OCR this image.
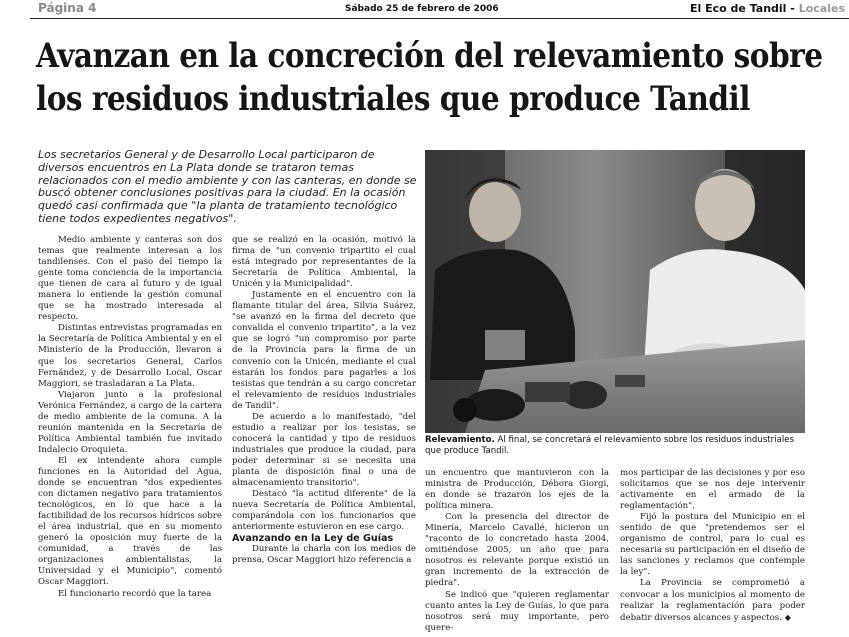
Página 4	Sábado 25 de febrero de 2006	El Eco de Tandil - Locales
Avanzan en la concreción del relevamiento sobre los residuos industriales que produce Tandil
Los secretarios General y de Desarrollo Local participaron de diversos encuentros en La Plata donde se trataron temas relacionados con el medio ambiente y con las canteras, en donde se buscó obtener conclusiones positivas para la ciudad. En la ocasión quedó casi confirmada que "la planta de tratamiento tecnológico tiene todos expedientes negativos".
Relevamiento. Al final, se concretará el relevamiento sobre los residuos industriales que produce Tandil.

Medio ambiente y canteras son dos temas que realmente interesan a los tandilenses. Con el paso del tiempo la gente toma conciencia de la importancia que tienen de cara al futuro y de igual manera lo entiende la gestión comunal que se ha mostrado interesada al respecto.

Distintas entrevistas programadas en la Secretaría de Política Ambiental y en el Ministerio de la Producción, llevaron a que los secretarios General, Carlos Fernández, y de Desarrollo Local, Oscar Maggiori, se trasladaran a La Plata.

Viajaron junto a la profesional Verónica Fernández, a cargo de la cartera de medio ambiente de la comuna. A la reunión mantenida en la Secretaría de Política Ambiental también fue invitado Indalecio Oroquieta.

El ex intendente ahora cumple funciones en la Autoridad del Agua, donde se encuentran "dos expedientes con dictamen negativo para tratamientos tecnológicos, en lo que hace a la factibilidad de los recursos hídricos sobre el área industrial, que en su momento generó la oposición muy fuerte de la comunidad, a través de las organizaciones ambientalistas, la Universidad y el Municipio", comentó Oscar Maggiori.

El funcionario recordó que la tarea

que se realizó en la ocasión, motivó la firma de "un convenio tripartito el cual está integrado por representantes de la Secretaría de Política Ambiental, la Unicén y la Municipalidad".

Justamente en el encuentro con la flamante titular del área, Silvia Suárez, "se avanzó en la firma del decreto que convalida el convenio tripartito", a la vez que se logró "un compromiso por parte de la Provincia para la firma de un convenio con la Unicén, mediante el cual estarán los fondos para pagarles a los tesistas que tendrán a su cargo concretar el relevamiento de residuos industriales de Tandil".

De acuerdo a lo manifestado, "del estudio a realizar por los tesistas, se conocerá la cantidad y tipo de residuos industriales que produce la ciudad, para poder determinar si se necesita una planta de disposición final o una de almacenamiento transitorio".

Destacó "la actitud diferente" de la nueva Secretaría de Política Ambiental, comparándola con los funcionarios que anteriormente estuvieron en ese cargo.

Avanzando en la Ley de Guías

Durante la charla con los medios de prensa, Oscar Maggiori hizo referencia a

un encuentro que mantuvieron con la ministra de Producción, Débora Giorgi, en donde se trazaron los ejes de la política minera.

Con la presencia del director de Minería, Marcelo Cavallé, hicieron un "raconto de lo concretado hasta 2004, omitiéndose 2005, un año que para nosotros es relevante porque existió un gran incremento de la extracción de piedra".

Se indicó que "quieren reglamentar cuanto antes la Ley de Guías, lo que para nosotros será muy importante, pero quere-

mos participar de las decisiones y por eso solicitamos que se nos deje intervenir activamente en el armado de la reglamentación".

Fijó la postura del Municipio en el sentido de que "pretendemos ser el organismo de control, para lo cual es necesaria su participación en el diseño de las sanciones y reclamos que contemple la ley".

La Provincia se comprometió a convocar a los municipios al momento de realizar la reglamentación para poder debatir diversos alcances y aspectos. ◆
